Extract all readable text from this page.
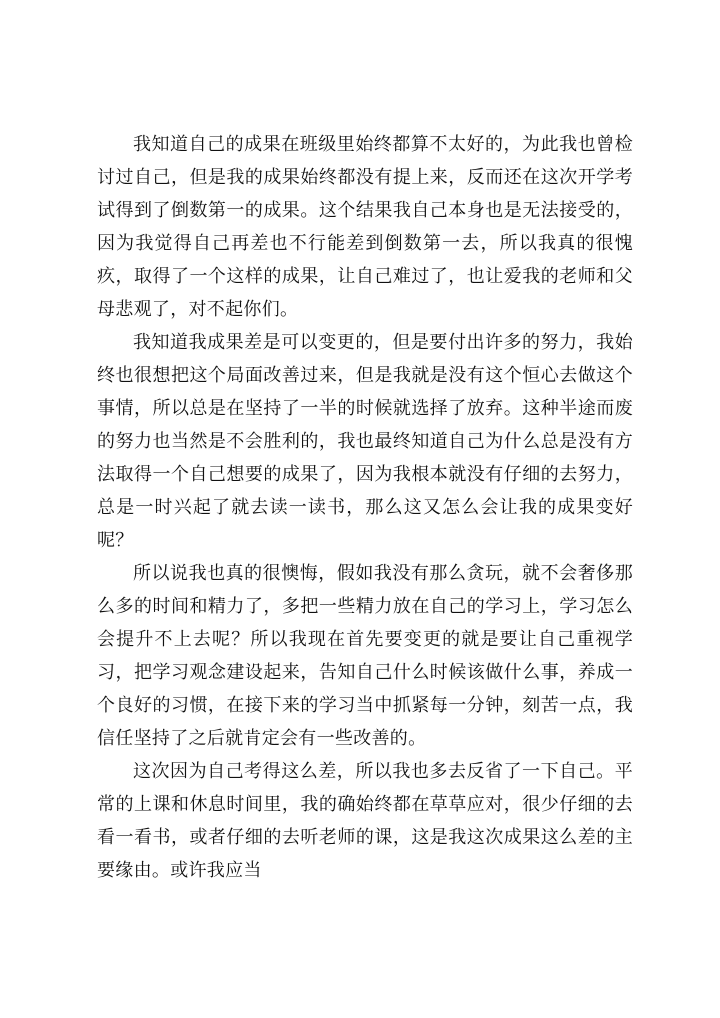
我知道自己的成果在班级里始终都算不太好的，为此我也曾检讨过自己，但是我的成果始终都没有提上来，反而还在这次开学考试得到了倒数第一的成果。这个结果我自己本身也是无法接受的，因为我觉得自己再差也不行能差到倒数第一去，所以我真的很愧疚，取得了一个这样的成果，让自己难过了，也让爱我的老师和父母悲观了，对不起你们。

我知道我成果差是可以变更的，但是要付出许多的努力，我始终也很想把这个局面改善过来，但是我就是没有这个恒心去做这个事情，所以总是在坚持了一半的时候就选择了放弃。这种半途而废的努力也当然是不会胜利的，我也最终知道自己为什么总是没有方法取得一个自己想要的成果了，因为我根本就没有仔细的去努力，总是一时兴起了就去读一读书，那么这又怎么会让我的成果变好呢？

所以说我也真的很懊悔，假如我没有那么贪玩，就不会奢侈那么多的时间和精力了，多把一些精力放在自己的学习上，学习怎么会提升不上去呢？所以我现在首先要变更的就是要让自己重视学习，把学习观念建设起来，告知自己什么时候该做什么事，养成一个良好的习惯，在接下来的学习当中抓紧每一分钟，刻苦一点，我信任坚持了之后就肯定会有一些改善的。

这次因为自己考得这么差，所以我也多去反省了一下自己。平常的上课和休息时间里，我的确始终都在草草应对，很少仔细的去看一看书，或者仔细的去听老师的课，这是我这次成果这么差的主要缘由。或许我应当
